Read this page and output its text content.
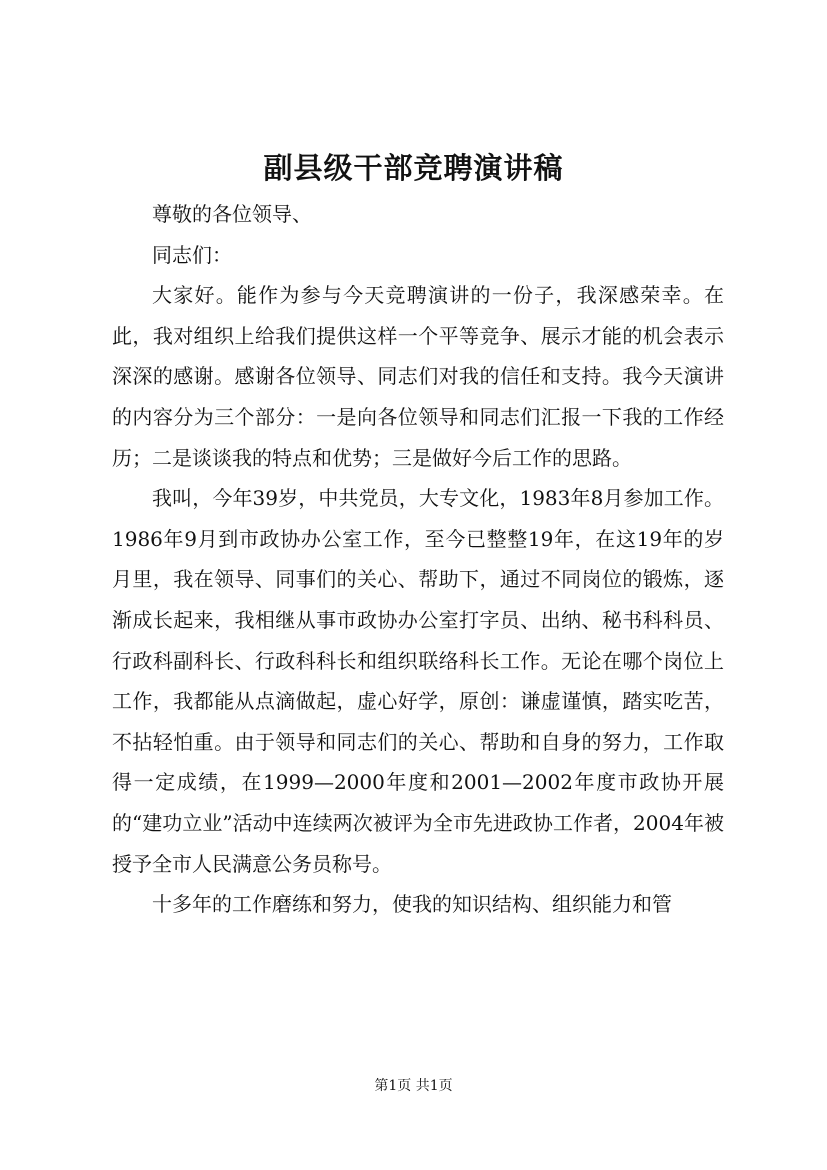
副县级干部竞聘演讲稿

尊敬的各位领导、

同志们：

大家好。能作为参与今天竞聘演讲的一份子，我深感荣幸。在此，我对组织上给我们提供这样一个平等竞争、展示才能的机会表示深深的感谢。感谢各位领导、同志们对我的信任和支持。我今天演讲的内容分为三个部分：一是向各位领导和同志们汇报一下我的工作经历；二是谈谈我的特点和优势；三是做好今后工作的思路。

我叫，今年39岁，中共党员，大专文化，1983年8月参加工作。1986年9月到市政协办公室工作，至今已整整19年，在这19年的岁月里，我在领导、同事们的关心、帮助下，通过不同岗位的锻炼，逐渐成长起来，我相继从事市政协办公室打字员、出纳、秘书科科员、行政科副科长、行政科科长和组织联络科长工作。无论在哪个岗位上工作，我都能从点滴做起，虚心好学，原创：谦虚谨慎，踏实吃苦，不拈轻怕重。由于领导和同志们的关心、帮助和自身的努力，工作取得一定成绩，在1999—2000年度和2001—2002年度市政协开展的“建功立业”活动中连续两次被评为全市先进政协工作者，2004年被授予全市人民满意公务员称号。

十多年的工作磨练和努力，使我的知识结构、组织能力和管

第1页 共1页
